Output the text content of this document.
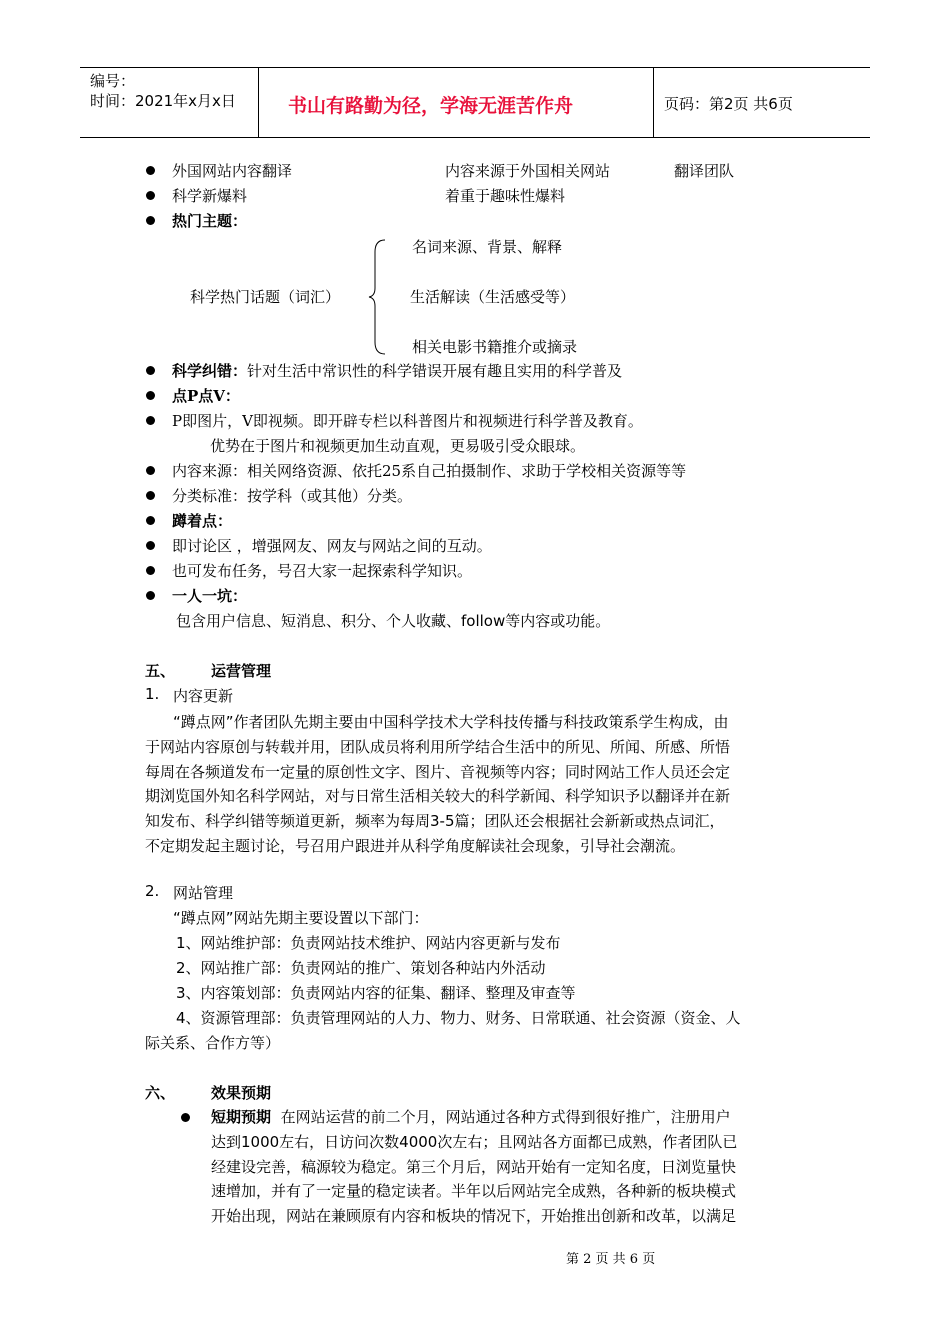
编号：
时间：2021年x月x日	书山有路勤为径，学海无涯苦作舟	页码：第2页 共6页
外国网站内容翻译	内容来源于外国相关网站	翻译团队
科学新爆料	着重于趣味性爆料
热门主题：
科学热门话题（词汇）
名词来源、背景、解释
生活解读（生活感受等）
相关电影书籍推介或摘录
科学纠错：针对生活中常识性的科学错误开展有趣且实用的科学普及
点P点V：
P即图片，V即视频。即开辟专栏以科普图片和视频进行科学普及教育。
优势在于图片和视频更加生动直观，更易吸引受众眼球。
内容来源：相关网络资源、依托25系自己拍摄制作、求助于学校相关资源等等
分类标准：按学科（或其他）分类。
蹲着点：
即讨论区 ，增强网友、网友与网站之间的互动。
也可发布任务，号召大家一起探索科学知识。
一人一坑：
包含用户信息、短消息、积分、个人收藏、follow等内容或功能。
五、 运营管理
1. 内容更新
“蹲点网”作者团队先期主要由中国科学技术大学科技传播与科技政策系学生构成，由
于网站内容原创与转载并用，团队成员将利用所学结合生活中的所见、所闻、所感、所悟
每周在各频道发布一定量的原创性文字、图片、音视频等内容；同时网站工作人员还会定
期浏览国外知名科学网站，对与日常生活相关较大的科学新闻、科学知识予以翻译并在新
知发布、科学纠错等频道更新，频率为每周3-5篇；团队还会根据社会新新或热点词汇，
不定期发起主题讨论，号召用户跟进并从科学角度解读社会现象，引导社会潮流。
2. 网站管理
“蹲点网”网站先期主要设置以下部门：
1、网站维护部：负责网站技术维护、网站内容更新与发布
2、网站推广部：负责网站的推广、策划各种站内外活动
3、内容策划部：负责网站内容的征集、翻译、整理及审查等
4、资源管理部：负责管理网站的人力、物力、财务、日常联通、社会资源（资金、人
际关系、合作方等）
六、 效果预期
短期预期 在网站运营的前二个月，网站通过各种方式得到很好推广，注册用户
达到1000左右，日访问次数4000次左右；且网站各方面都已成熟，作者团队已
经建设完善，稿源较为稳定。第三个月后，网站开始有一定知名度，日浏览量快
速增加，并有了一定量的稳定读者。半年以后网站完全成熟，各种新的板块模式
开始出现，网站在兼顾原有内容和板块的情况下，开始推出创新和改革，以满足
第 2 页 共 6 页
